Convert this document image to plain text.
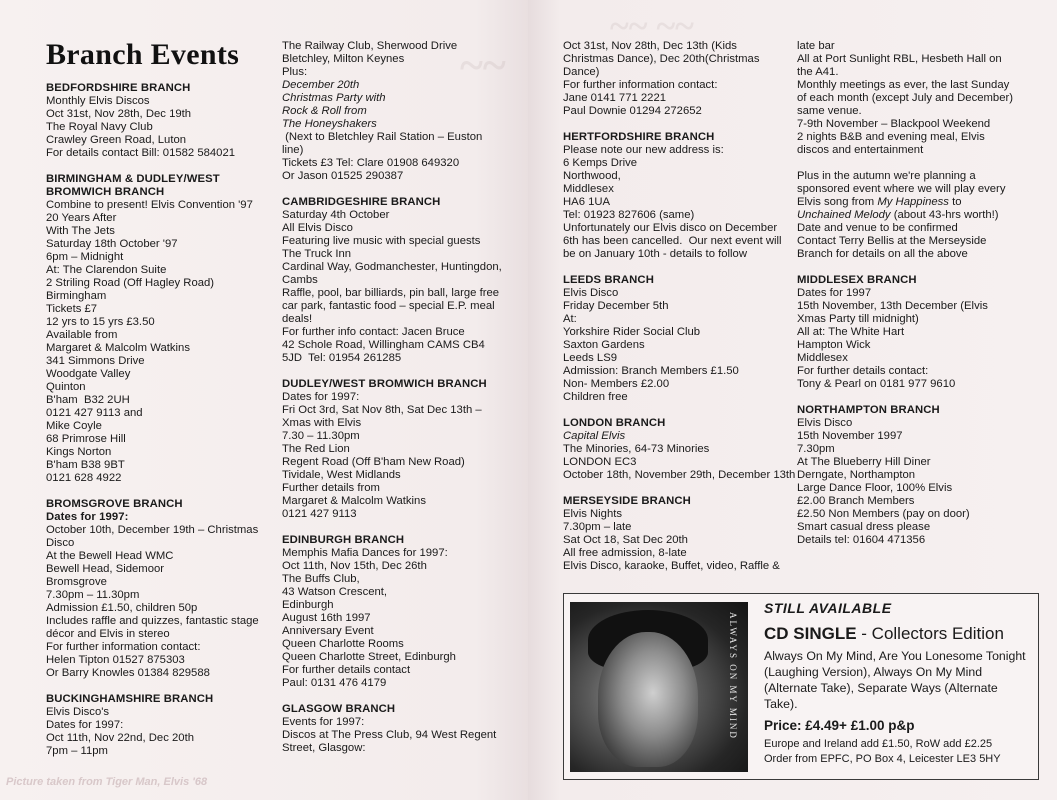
~~ ~~
~~
Branch Events
BEDFORDSHIRE BRANCH
Monthly Elvis Discos
Oct 31st, Nov 28th, Dec 19th
The Royal Navy Club
Crawley Green Road, Luton
For details contact Bill: 01582 584021
BIRMINGHAM & DUDLEY/WEST BROMWICH BRANCH
Combine to present! Elvis Convention '97
20 Years After
With The Jets
Saturday 18th October '97
6pm – Midnight
At: The Clarendon Suite
2 Striling Road (Off Hagley Road)
Birmingham
Tickets £7
12 yrs to 15 yrs £3.50
Available from
Margaret & Malcolm Watkins
341 Simmons Drive
Woodgate Valley
Quinton
B'ham  B32 2UH
0121 427 9113 and
Mike Coyle
68 Primrose Hill
Kings Norton
B'ham B38 9BT
0121 628 4922
BROMSGROVE BRANCH
Dates for 1997:
October 10th, December 19th – Christmas
Disco
At the Bewell Head WMC
Bewell Head, Sidemoor
Bromsgrove
7.30pm – 11.30pm
Admission £1.50, children 50p
Includes raffle and quizzes, fantastic stage
décor and Elvis in stereo
For further information contact:
Helen Tipton 01527 875303
Or Barry Knowles 01384 829588
BUCKINGHAMSHIRE BRANCH
Elvis Disco's
Dates for 1997:
Oct 11th, Nov 22nd, Dec 20th
7pm – 11pm
The Railway Club, Sherwood Drive
Bletchley, Milton Keynes
Plus:
December 20th
Christmas Party with
Rock & Roll from
The Honeyshakers
(Next to Bletchley Rail Station – Euston
line)
Tickets £3 Tel: Clare 01908 649320
Or Jason 01525 290387
CAMBRIDGESHIRE BRANCH
Saturday 4th October
All Elvis Disco
Featuring live music with special guests
The Truck Inn
Cardinal Way, Godmanchester, Huntingdon,
Cambs
Raffle, pool, bar billiards, pin ball, large free
car park, fantastic food – special E.P. meal
deals!
For further info contact: Jacen Bruce
42 Schole Road, Willingham CAMS CB4
5JD  Tel: 01954 261285
DUDLEY/WEST BROMWICH BRANCH
Dates for 1997:
Fri Oct 3rd, Sat Nov 8th, Sat Dec 13th –
Xmas with Elvis
7.30 – 11.30pm
The Red Lion
Regent Road (Off B'ham New Road)
Tividale, West Midlands
Further details from
Margaret & Malcolm Watkins
0121 427 9113
EDINBURGH BRANCH
Memphis Mafia Dances for 1997:
Oct 11th, Nov 15th, Dec 26th
The Buffs Club,
43 Watson Crescent,
Edinburgh
August 16th 1997
Anniversary Event
Queen Charlotte Rooms
Queen Charlotte Street, Edinburgh
For further details contact
Paul: 0131 476 4179
GLASGOW BRANCH
Events for 1997:
Discos at The Press Club, 94 West Regent
Street, Glasgow:
Oct 31st, Nov 28th, Dec 13th (Kids
Christmas Dance), Dec 20th(Christmas
Dance)
For further information contact:
Jane 0141 771 2221
Paul Downie 01294 272652
HERTFORDSHIRE BRANCH
Please note our new address is:
6 Kemps Drive
Northwood,
Middlesex
HA6 1UA
Tel: 01923 827606 (same)
Unfortunately our Elvis disco on December
6th has been cancelled.  Our next event will
be on January 10th - details to follow
LEEDS BRANCH
Elvis Disco
Friday December 5th
At:
Yorkshire Rider Social Club
Saxton Gardens
Leeds LS9
Admission: Branch Members £1.50
Non- Members £2.00
Children free
LONDON BRANCH
Capital Elvis
The Minories, 64-73 Minories
LONDON EC3
October 18th, November 29th, December 13th
MERSEYSIDE BRANCH
Elvis Nights
7.30pm – late
Sat Oct 18, Sat Dec 20th
All free admission, 8-late
Elvis Disco, karaoke, Buffet, video, Raffle &
late bar
All at Port Sunlight RBL, Hesbeth Hall on
the A41.
Monthly meetings as ever, the last Sunday
of each month (except July and December)
same venue.
7-9th November – Blackpool Weekend
2 nights B&B and evening meal, Elvis
discos and entertainment

Plus in the autumn we're planning a
sponsored event where we will play every
Elvis song from My Happiness to
Unchained Melody (about 43-hrs worth!)
Date and venue to be confirmed
Contact Terry Bellis at the Merseyside
Branch for details on all the above
MIDDLESEX BRANCH
Dates for 1997
15th November, 13th December (Elvis
Xmas Party till midnight)
All at: The White Hart
Hampton Wick
Middlesex
For further details contact:
Tony & Pearl on 0181 977 9610
NORTHAMPTON BRANCH
Elvis Disco
15th November 1997
7.30pm
At The Blueberry Hill Diner
Derngate, Northampton
Large Dance Floor, 100% Elvis
£2.00 Branch Members
£2.50 Non Members (pay on door)
Smart casual dress please
Details tel: 01604 471356
ALWAYS ON MY MIND
STILL AVAILABLE
CD SINGLE - Collectors Edition
Always On My Mind, Are You Lonesome Tonight (Laughing Version), Always On My Mind (Alternate Take), Separate Ways (Alternate Take).
Price: £4.49+ £1.00 p&p
Europe and Ireland add £1.50, RoW add £2.25
Order from EPFC, PO Box 4, Leicester LE3 5HY
Picture taken from Tiger Man, Elvis '68
